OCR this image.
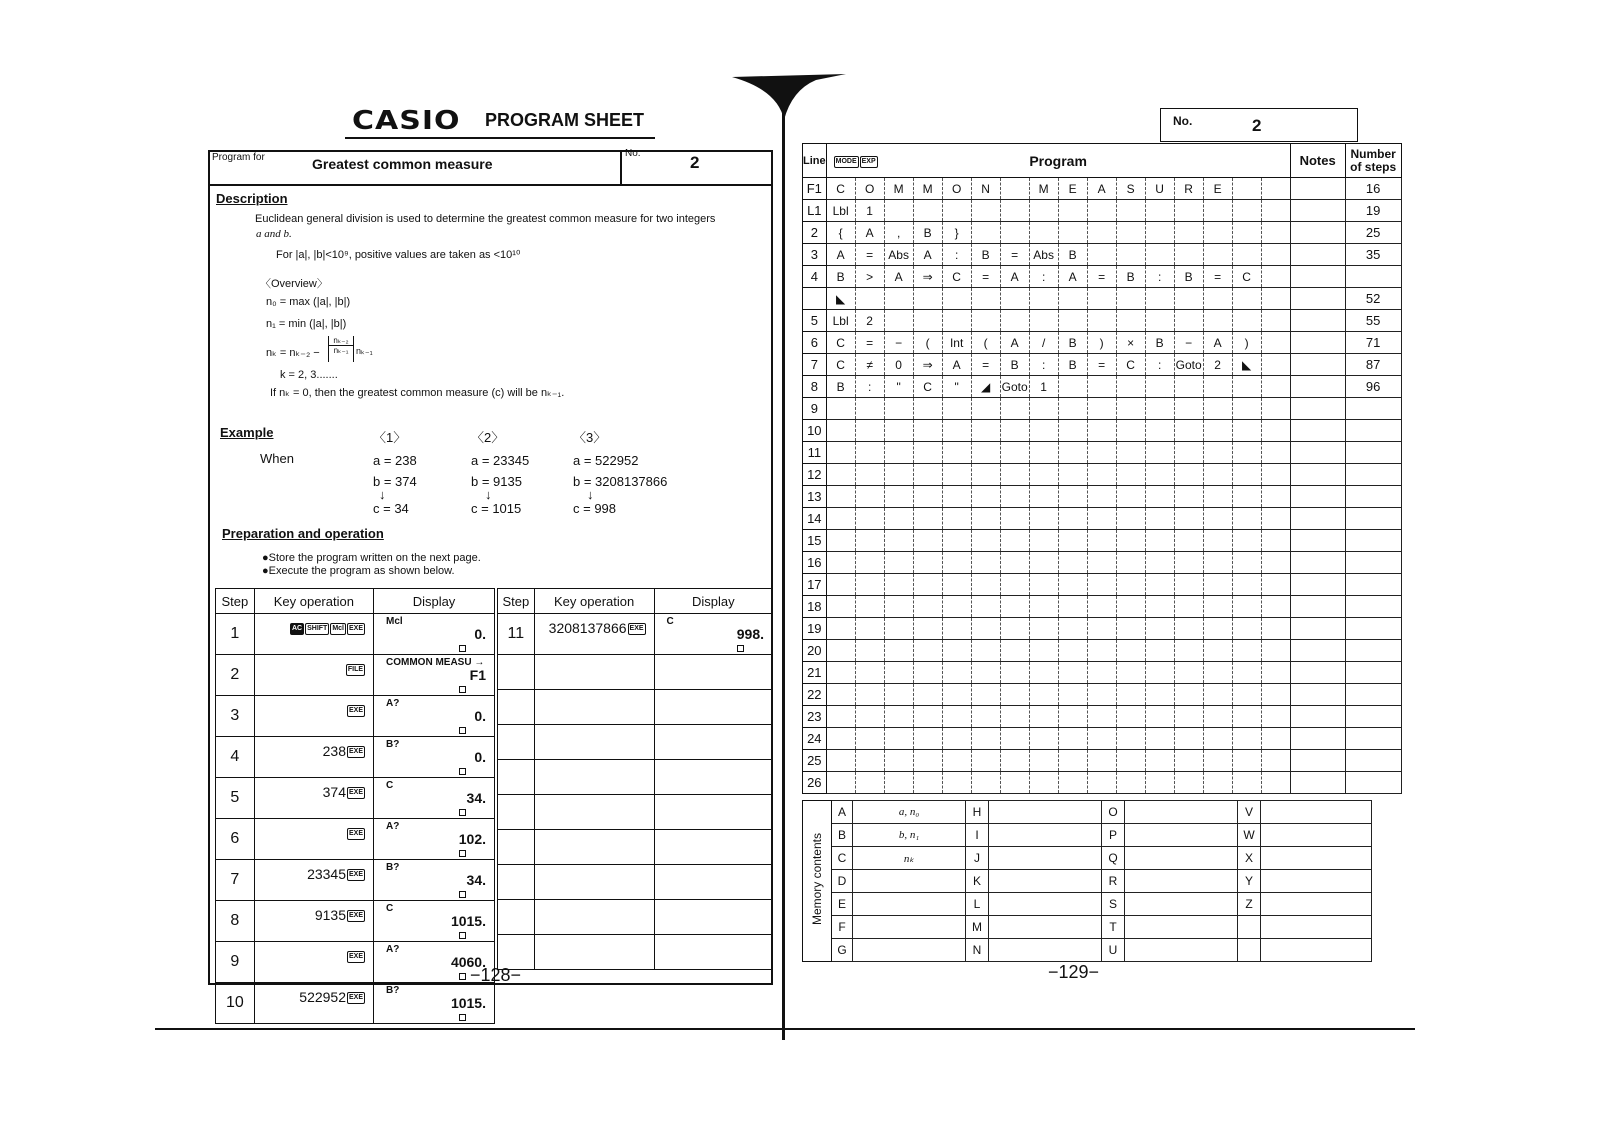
CASIO PROGRAM SHEET
Program for	Greatest common measure
No.	2
Description
Euclidean general division is used to determine the greatest common measure for two integers
a and b.
For |a|, |b|<10⁹, positive values are taken as <10¹⁰
〈Overview〉
n₀ = max (|a|, |b|)
n₁ = min (|a|, |b|)
nₖ = nₖ₋₂ −
nₖ₋₂
nₖ₋₁ nₖ₋₁
k = 2, 3.......
If nₖ = 0, then the greatest common measure (c) will be nₖ₋₁.
Example
When
〈1〉
a = 238
b = 374
↓
c = 34
〈2〉
a = 23345
b = 9135
↓
c = 1015
〈3〉
a = 522952
b = 3208137866
↓
c = 998
Preparation and operation
●Store the program written on the next page.
●Execute the program as shown below.
Step	Key operation	Display
1	AC SHIFT Mcl EXE	Mcl
0.

2	FILE	COMMON MEASU →
F1

3	EXE	A?
0.

4	238 EXE	B?
0.

5	374 EXE	C
34.

6	EXE	A?
102.

7	23345 EXE	B?
34.

8	9135 EXE	C
1015.

9	EXE	A?
4060.

10	522952 EXE	B?
1015.
Step	Key operation	Display
11	3208137866 EXE	C
998.

−128−
No.	2
Line	MODE EXP Program																Notes	Number of steps
F1	C	O	M	M	O	N		M	E	A	S	U	R	E				16
L1	Lbl	1																19
2	{	A	,	B	}													25
3	A	=	Abs	A	:	B	=	Abs	B									35
4	B	>	A	⇒	C	=	A	:	A	=	B	:	B	=	C			
	◣																	52
5	Lbl	2																55
6	C	=	−	(	Int	(	A	/	B	)	×	B	−	A	)			71
7	C	≠	0	⇒	A	=	B	:	B	=	C	:	Goto	2	◣			87
8	B	:	"	C	"	◢	Goto	1										96
9																		
10																		
11																		
12																		
13																		
14																		
15																		
16																		
17																		
18																		
19																		
20																		
21																		
22																		
23																		
24																		
25																		
26																		
Memory contents	A	a, n₀	H		O		V	
	B	b, n₁	I		P		W	
	C	nₖ	J		Q		X	
	D		K		R		Y	
	E		L		S		Z	
	F		M		T			
	G		N		U			
−129−
